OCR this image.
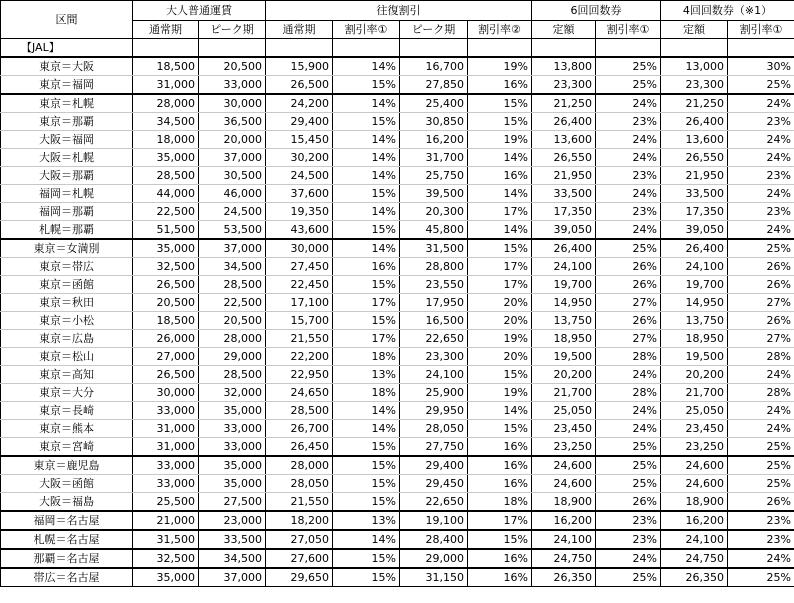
区間	大人普通運賃		往復割引				6回回数券		4回回数券（※1）	
	通常期	ピーク期	通常期	割引率①	ピーク期	割引率②	定額	割引率①	定額	割引率①
【JAL】										
東京＝大阪	18,500	20,500	15,900	14%	16,700	19%	13,800	25%	13,000	30%
東京＝福岡	31,000	33,000	26,500	15%	27,850	16%	23,300	25%	23,300	25%
東京＝札幌	28,000	30,000	24,200	14%	25,400	15%	21,250	24%	21,250	24%
東京＝那覇	34,500	36,500	29,400	15%	30,850	15%	26,400	23%	26,400	23%
大阪＝福岡	18,000	20,000	15,450	14%	16,200	19%	13,600	24%	13,600	24%
大阪＝札幌	35,000	37,000	30,200	14%	31,700	14%	26,550	24%	26,550	24%
大阪＝那覇	28,500	30,500	24,500	14%	25,750	16%	21,950	23%	21,950	23%
福岡＝札幌	44,000	46,000	37,600	15%	39,500	14%	33,500	24%	33,500	24%
福岡＝那覇	22,500	24,500	19,350	14%	20,300	17%	17,350	23%	17,350	23%
札幌＝那覇	51,500	53,500	43,600	15%	45,800	14%	39,050	24%	39,050	24%
東京＝女満別	35,000	37,000	30,000	14%	31,500	15%	26,400	25%	26,400	25%
東京＝帯広	32,500	34,500	27,450	16%	28,800	17%	24,100	26%	24,100	26%
東京＝函館	26,500	28,500	22,450	15%	23,550	17%	19,700	26%	19,700	26%
東京＝秋田	20,500	22,500	17,100	17%	17,950	20%	14,950	27%	14,950	27%
東京＝小松	18,500	20,500	15,700	15%	16,500	20%	13,750	26%	13,750	26%
東京＝広島	26,000	28,000	21,550	17%	22,650	19%	18,950	27%	18,950	27%
東京＝松山	27,000	29,000	22,200	18%	23,300	20%	19,500	28%	19,500	28%
東京＝高知	26,500	28,500	22,950	13%	24,100	15%	20,200	24%	20,200	24%
東京＝大分	30,000	32,000	24,650	18%	25,900	19%	21,700	28%	21,700	28%
東京＝長崎	33,000	35,000	28,500	14%	29,950	14%	25,050	24%	25,050	24%
東京＝熊本	31,000	33,000	26,700	14%	28,050	15%	23,450	24%	23,450	24%
東京＝宮崎	31,000	33,000	26,450	15%	27,750	16%	23,250	25%	23,250	25%
東京＝鹿児島	33,000	35,000	28,000	15%	29,400	16%	24,600	25%	24,600	25%
大阪＝函館	33,000	35,000	28,050	15%	29,450	16%	24,600	25%	24,600	25%
大阪＝福島	25,500	27,500	21,550	15%	22,650	18%	18,900	26%	18,900	26%
福岡＝名古屋	21,000	23,000	18,200	13%	19,100	17%	16,200	23%	16,200	23%
札幌＝名古屋	31,500	33,500	27,050	14%	28,400	15%	24,100	23%	24,100	23%
那覇＝名古屋	32,500	34,500	27,600	15%	29,000	16%	24,750	24%	24,750	24%
帯広＝名古屋	35,000	37,000	29,650	15%	31,150	16%	26,350	25%	26,350	25%
